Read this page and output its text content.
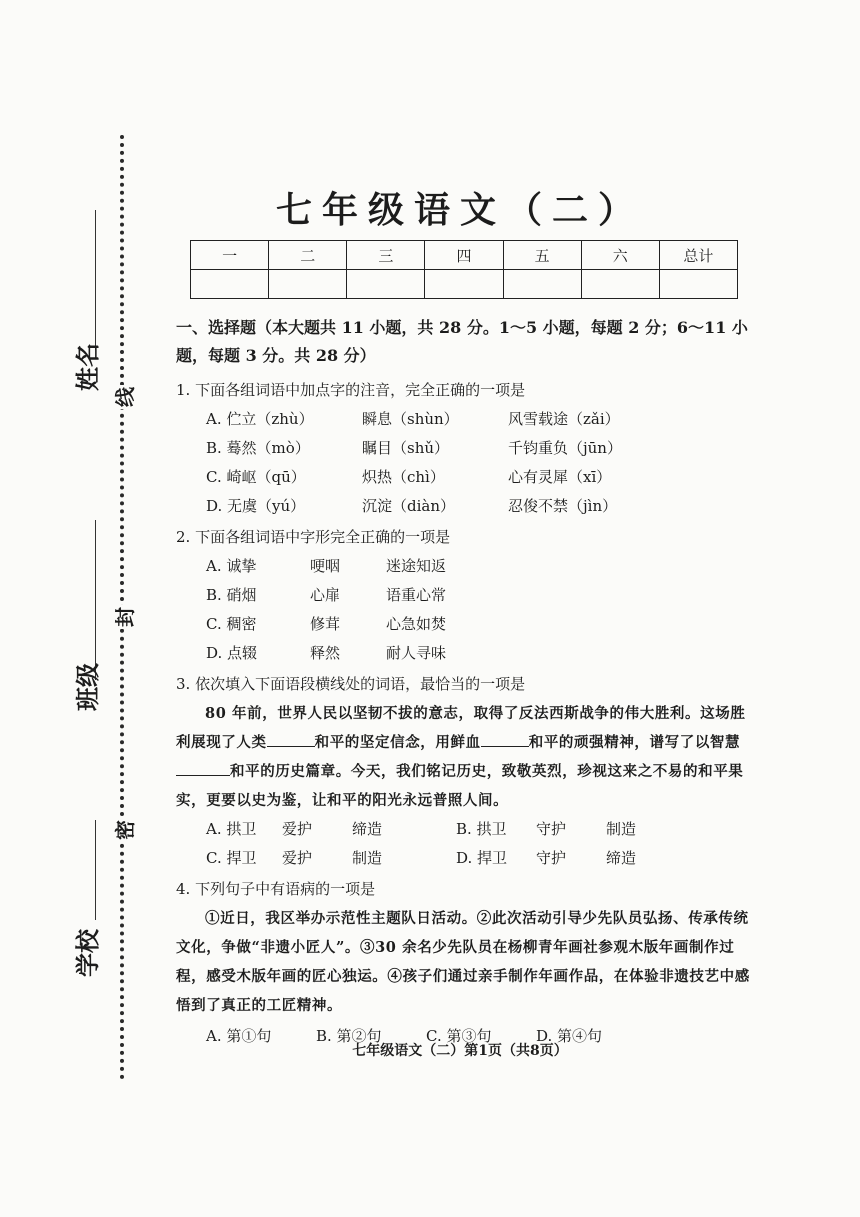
姓名
班级
学校
线
封
密
七年级语文（二）
一	二	三	四	五	六	总计

一、选择题（本大题共 11 小题，共 28 分。1～5 小题，每题 2 分；6～11 小题，每题 3 分。共 28 分）
1. 下面各组词语中加点字的注音，完全正确的一项是
A. 伫立（zhù）	瞬息（shùn）	风雪载途（zǎi）
B. 蓦然（mò）	瞩目（shǔ）	千钧重负（jūn）
C. 崎岖（qū）	炽热（chì）	心有灵犀（xī）
D. 无虞（yú）	沉淀（diàn）	忍俊不禁（jìn）
2. 下面各组词语中字形完全正确的一项是
A. 诚挚	哽咽	迷途知返
B. 硝烟	心扉	语重心常
C. 稠密	修茸	心急如焚
D. 点辍	释然	耐人寻味
3. 依次填入下面语段横线处的词语，最恰当的一项是
80 年前，世界人民以坚韧不拔的意志，取得了反法西斯战争的伟大胜利。这场胜利展现了人类	和平的坚定信念，用鲜血	和平的顽强精神，谱写了以智慧和平的历史篇章。今天，我们铭记历史，致敬英烈，珍视这来之不易的和平果实，更要以史为鉴，让和平的阳光永远普照人间。
A. 拱卫	爱护	缔造	B. 拱卫	守护	制造
C. 捍卫	爱护	制造	D. 捍卫	守护	缔造
4. 下列句子中有语病的一项是
①近日，我区举办示范性主题队日活动。②此次活动引导少先队员弘扬、传承传统文化，争做“非遗小匠人”。③30 余名少先队员在杨柳青年画社参观木版年画制作过程，感受木版年画的匠心独运。④孩子们通过亲手制作年画作品，在体验非遗技艺中感悟到了真正的工匠精神。
A. 第①句	B. 第②句	C. 第③句	D. 第④句
七年级语文（二）第1页（共8页）
